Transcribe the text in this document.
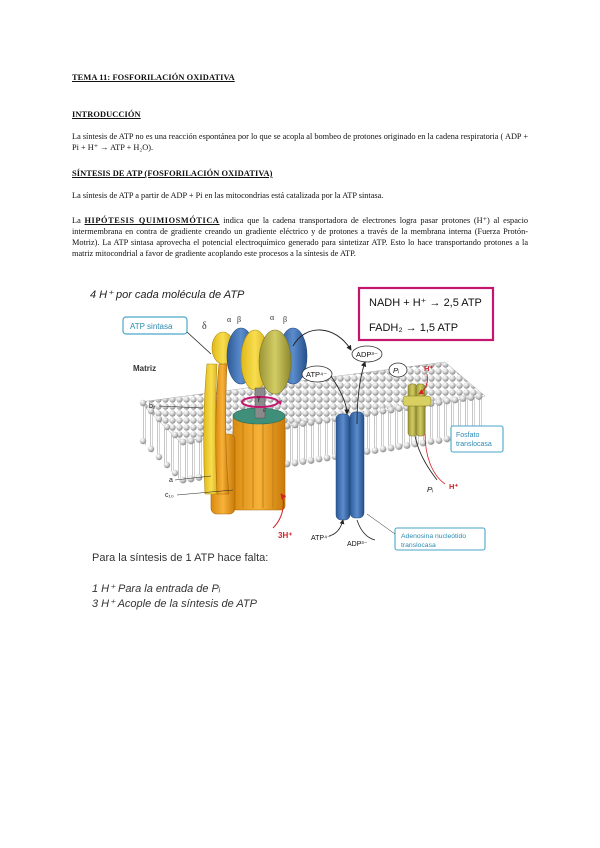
TEMA 11: FOSFORILACIÓN OXIDATIVA
INTRODUCCIÓN
La síntesis de ATP no es una reacción espontánea por lo que se acopla al bombeo de protones originado en la cadena respiratoria ( ADP + Pi + H⁺ → ATP + H₂O).
SÍNTESIS DE ATP (FOSFORILACIÓN OXIDATIVA)
La síntesis de ATP a partir de ADP + Pi en las mitocondrias está catalizada por la ATP sintasa.
La HIPÓTESIS QUIMIOSMÓTICA indica que la cadena transportadora de electrones logra pasar protones (H⁺) al espacio intermembrana en contra de gradiente creando un gradiente eléctrico y de protones a través de la membrana interna (Fuerza Protón-Motriz). La ATP sintasa aprovecha el potencial electroquímico generado para sintetizar ATP. Esto lo hace transportando protones a la matriz mitocondrial a favor de gradiente acoplando este procesos a la síntesis de ATP.
4 H⁺ por cada molécula de ATP
NADH + H⁺ → 2,5 ATP
FADH₂ → 1,5 ATP
δ
α β	α β
γ
ε
ATP sintasa
Matriz
b₂
a
c₁₀
3H⁺
ATP⁴⁻
ADP³⁻
Pᵢ	H⁺
H⁺
Pᵢ
Fosfato translocasa
ATP⁴⁻
ADP³⁻
Adenosina nucleótido translocasa
Para la síntesis de 1 ATP hace falta:
1 H⁺ Para la entrada de Pᵢ
3 H⁺ Acople de la síntesis de ATP
